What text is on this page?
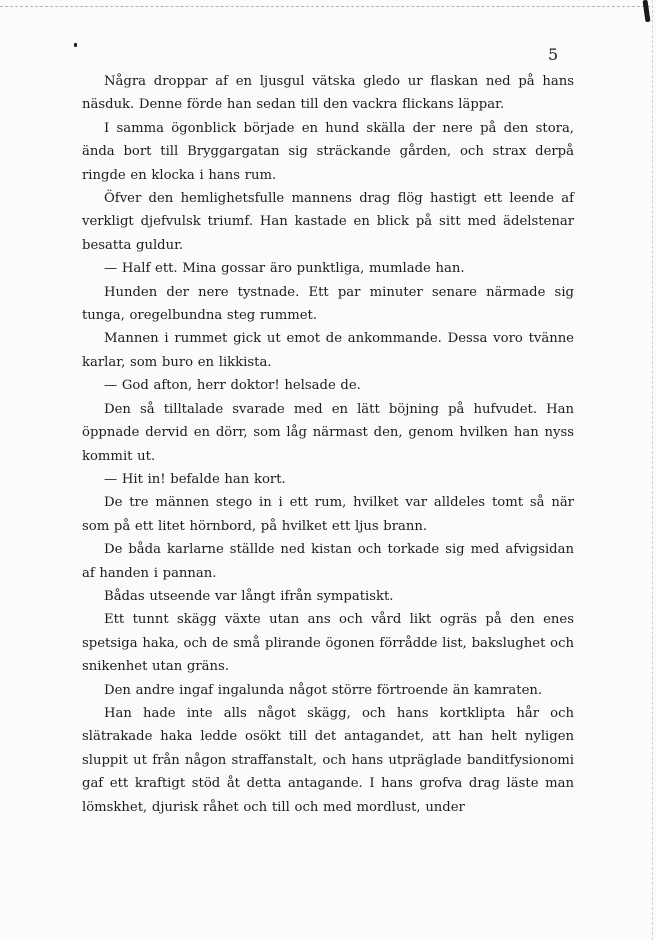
5

Några droppar af en ljusgul vätska gledo ur flaskan ned på hans näsduk. Denne förde han sedan till den vackra flickans läppar.

I samma ögonblick började en hund skälla der nere på den stora, ända bort till Bryggargatan sig sträckande gården, och strax derpå ringde en klocka i hans rum.

Öfver den hemlighetsfulle mannens drag flög hastigt ett leende af verkligt djefvulsk triumf. Han kastade en blick på sitt med ädelstenar besatta guldur.

— Half ett. Mina gossar äro punktliga, mumlade han.

Hunden der nere tystnade. Ett par minuter senare närmade sig tunga, oregelbundna steg rummet.

Mannen i rummet gick ut emot de ankommande. Dessa voro tvänne karlar, som buro en likkista.

— God afton, herr doktor! helsade de.

Den så tilltalade svarade med en lätt böjning på hufvudet. Han öppnade dervid en dörr, som låg närmast den, genom hvilken han nyss kommit ut.

— Hit in! befalde han kort.

De tre männen stego in i ett rum, hvilket var alldeles tomt så när som på ett litet hörnbord, på hvilket ett ljus brann.

De båda karlarne ställde ned kistan och torkade sig med afvigsidan af handen i pannan.

Bådas utseende var långt ifrån sympatiskt.

Ett tunnt skägg växte utan ans och vård likt ogräs på den enes spetsiga haka, och de små plirande ögonen förrådde list, bakslughet och snikenhet utan gräns.

Den andre ingaf ingalunda något större förtroende än kamraten.

Han hade inte alls något skägg, och hans kortklipta hår och slätrakade haka ledde osökt till det antagandet, att han helt nyligen sluppit ut från någon straffanstalt, och hans utpräglade banditfysionomi gaf ett kraftigt stöd åt detta antagande. I hans grofva drag läste man lömskhet, djurisk råhet och till och med mordlust, under
